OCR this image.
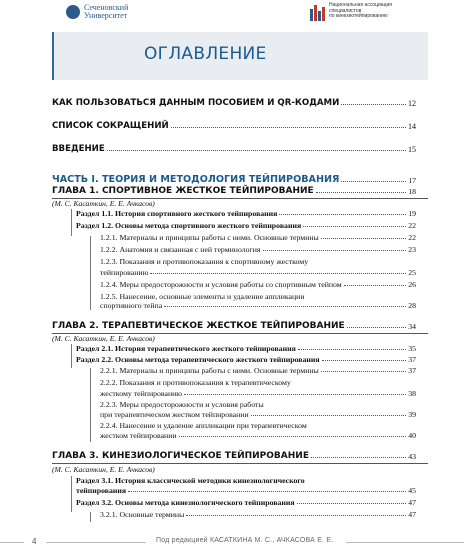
Сеченовский
Университет
Национальная ассоциация
специалистов
по кинезиотейпированию
ОГЛАВЛЕНИЕ
КАК ПОЛЬЗОВАТЬСЯ ДАННЫМ ПОСОБИЕМ И QR-КОДАМИ	12
СПИСОК СОКРАЩЕНИЙ	14
ВВЕДЕНИЕ	15
ЧАСТЬ I. ТЕОРИЯ И МЕТОДОЛОГИЯ ТЕЙПИРОВАНИЯ	17
ГЛАВА 1. СПОРТИВНОЕ ЖЕСТКОЕ ТЕЙПИРОВАНИЕ	18
(М. С. Касаткин, Е. Е. Ачкасов)
Раздел 1.1. История спортивного жесткого тейпирования	19
Раздел 1.2. Основы метода спортивного жесткого тейпирования	22
1.2.1. Материалы и принципы работы с ними. Основные термины	22
1.2.2. Анатомия и связанная с ней терминология	23
1.2.3. Показания и противопоказания к спортивному жесткому
тейпированию	25
1.2.4. Меры предосторожности и условия работы со спортивным тейпом	26
1.2.5. Нанесение, основные элементы и удаление аппликации
спортивного тейпа	28
ГЛАВА 2. ТЕРАПЕВТИЧЕСКОЕ ЖЕСТКОЕ ТЕЙПИРОВАНИЕ	34
(М. С. Касаткин, Е. Е. Ачкасов)
Раздел 2.1. История терапевтического жесткого тейпирования	35
Раздел 2.2. Основы метода терапевтического жесткого тейпирования	37
2.2.1. Материалы и принципы работы с ними. Основные термины	37
2.2.2. Показания и противопоказания к терапевтическому
жесткому тейпированию	38
2.2.3. Меры предосторожности и условия работы
при терапевтическом жестком тейпировании	39
2.2.4. Нанесение и удаление аппликации при терапевтическом
жестком тейпировании	40
ГЛАВА 3. КИНЕЗИОЛОГИЧЕСКОЕ ТЕЙПИРОВАНИЕ	43
(М. С. Касаткин, Е. Е. Ачкасов)
Раздел 3.1. История классической методики кинезиологического
тейпирования	45
Раздел 3.2. Основы метода кинезиологического тейпирования	47
3.2.1. Основные термины	47
4	Под редакцией КАСАТКИНА М. С., АЧКАСОВА Е. Е.
